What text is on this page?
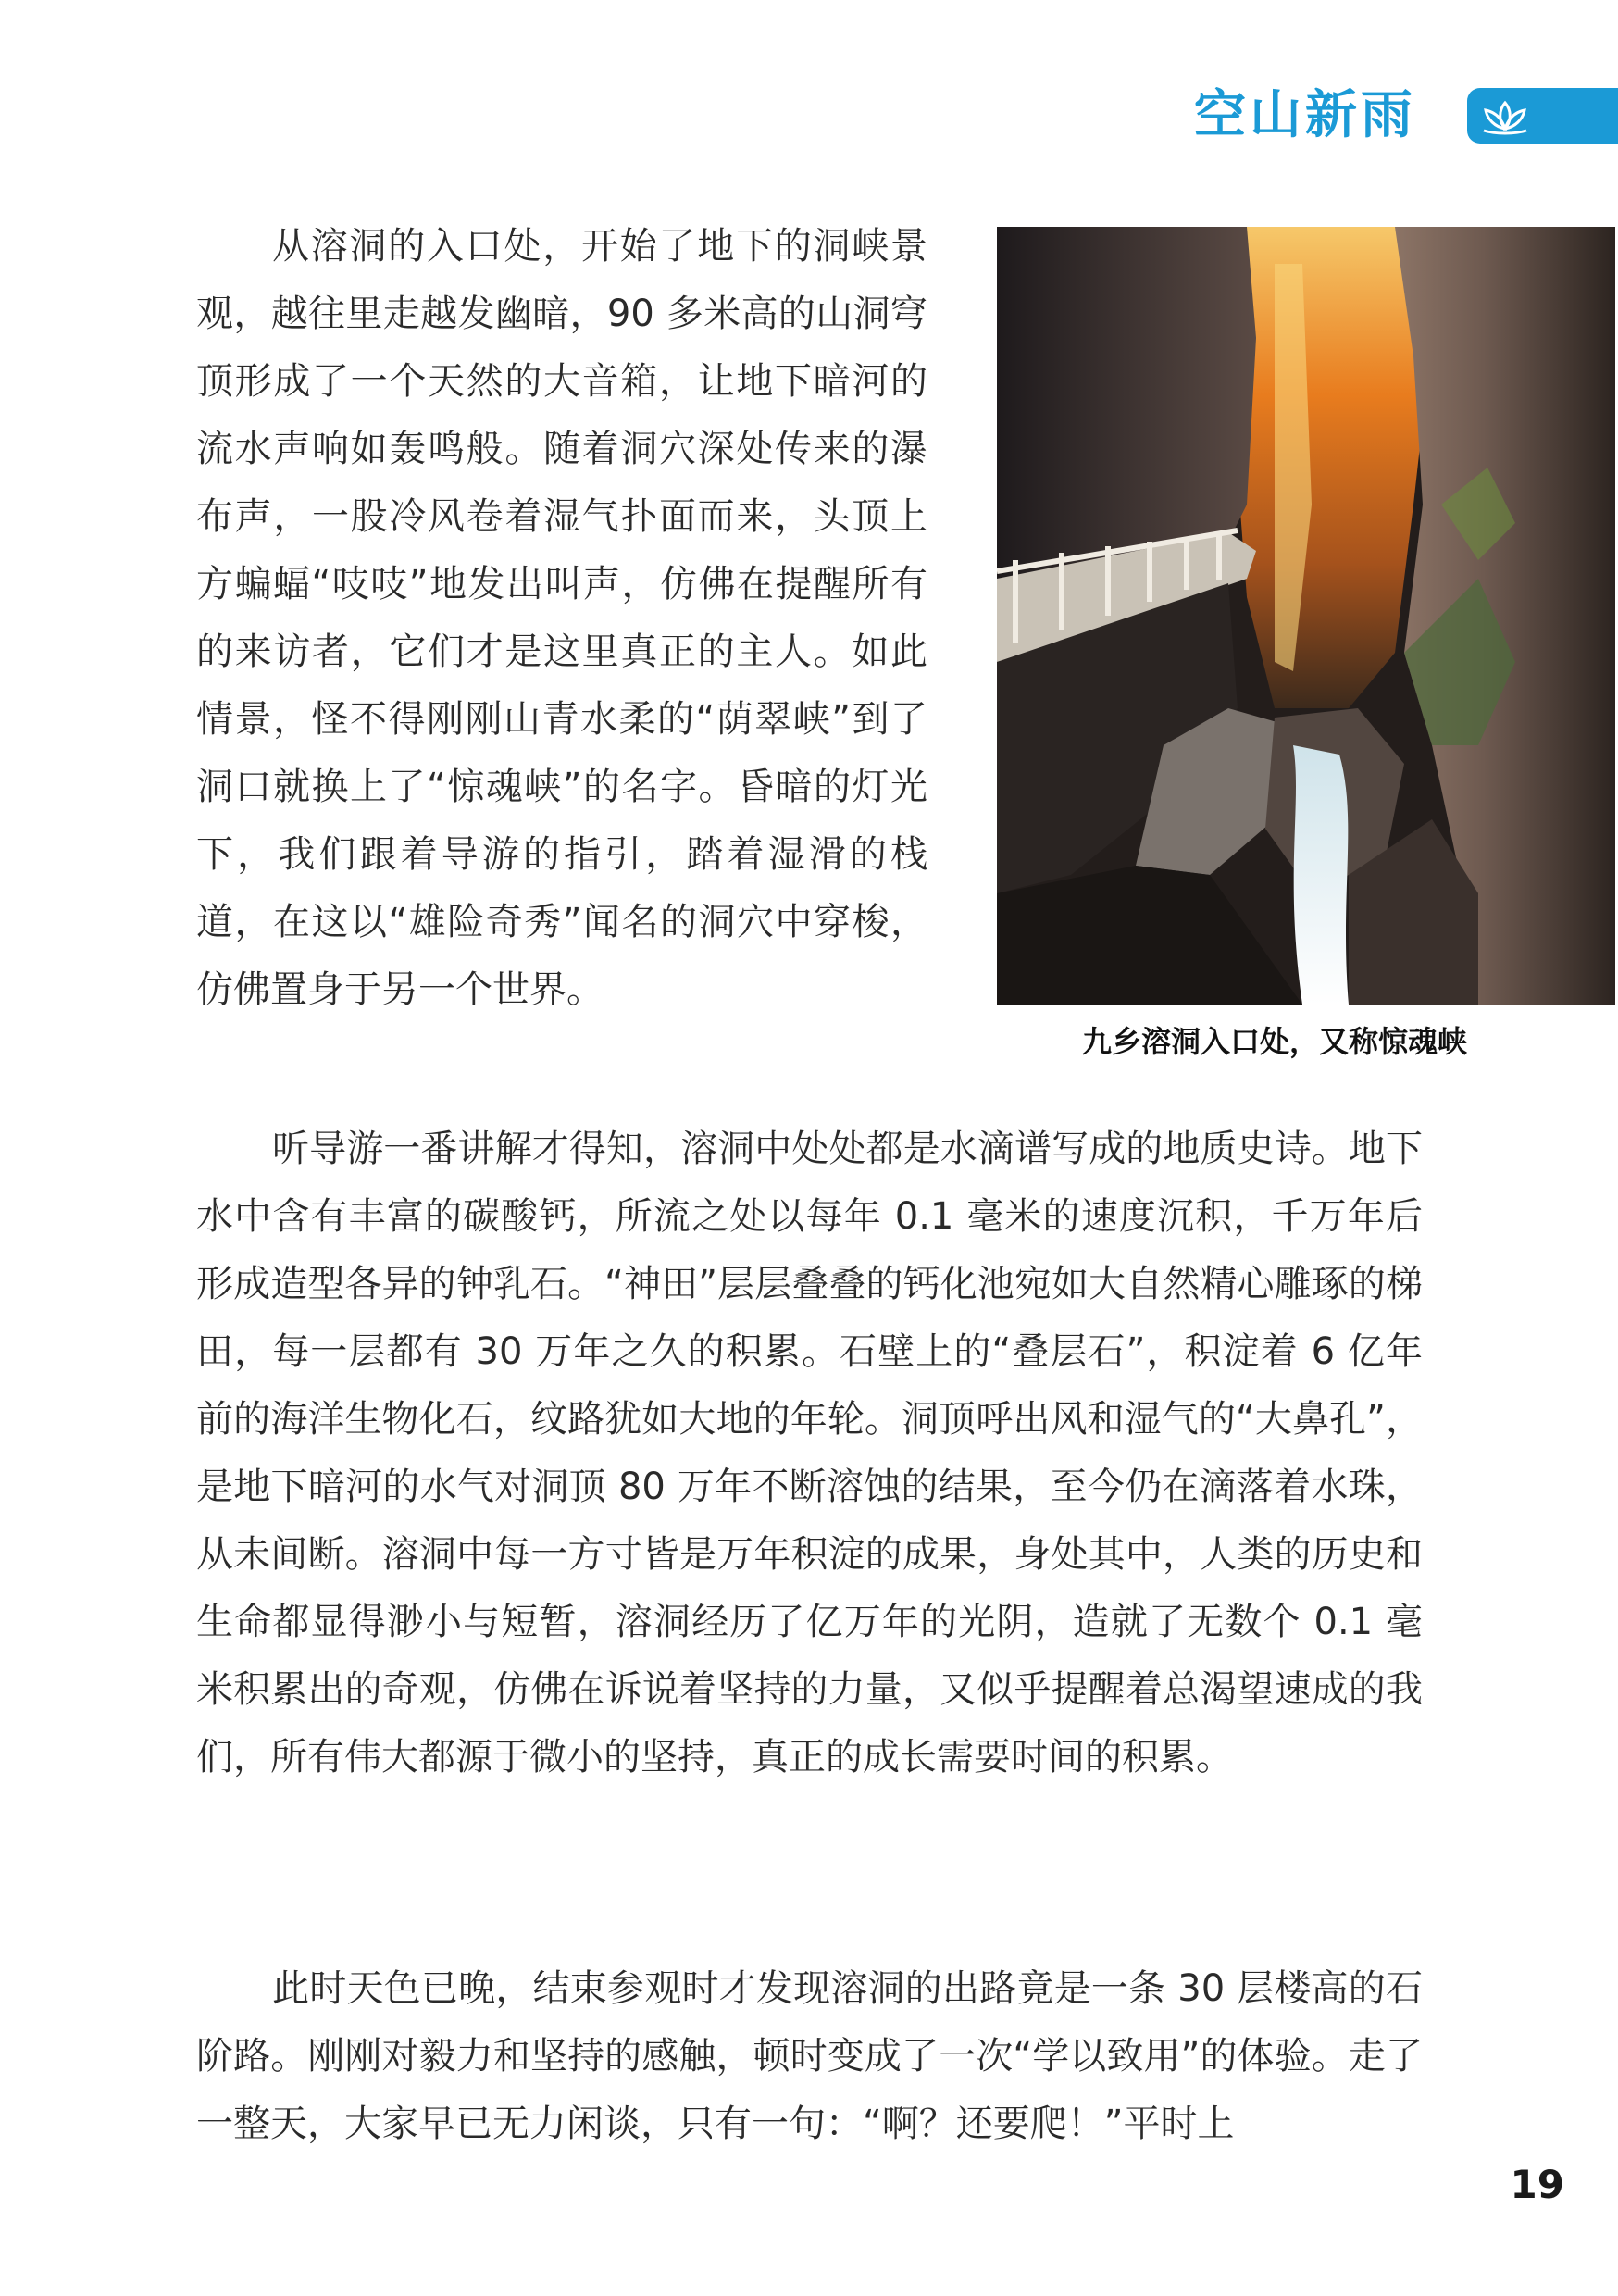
空山新雨

从溶洞的入口处，开始了地下的洞峡景观，越往里走越发幽暗，90 多米高的山洞穹顶形成了一个天然的大音箱，让地下暗河的流水声响如轰鸣般。随着洞穴深处传来的瀑布声，一股冷风卷着湿气扑面而来，头顶上方蝙蝠“吱吱”地发出叫声，仿佛在提醒所有的来访者，它们才是这里真正的主人。如此情景，怪不得刚刚山青水柔的“荫翠峡”到了洞口就换上了“惊魂峡”的名字。昏暗的灯光下，我们跟着导游的指引，踏着湿滑的栈道，在这以“雄险奇秀”闻名的洞穴中穿梭，仿佛置身于另一个世界。

九乡溶洞入口处，又称惊魂峡

听导游一番讲解才得知，溶洞中处处都是水滴谱写成的地质史诗。地下水中含有丰富的碳酸钙，所流之处以每年 0.1 毫米的速度沉积，千万年后形成造型各异的钟乳石。“神田”层层叠叠的钙化池宛如大自然精心雕琢的梯田，每一层都有 30 万年之久的积累。石壁上的“叠层石”，积淀着 6 亿年前的海洋生物化石，纹路犹如大地的年轮。洞顶呼出风和湿气的“大鼻孔”，是地下暗河的水气对洞顶 80 万年不断溶蚀的结果，至今仍在滴落着水珠，从未间断。溶洞中每一方寸皆是万年积淀的成果，身处其中，人类的历史和生命都显得渺小与短暂，溶洞经历了亿万年的光阴，造就了无数个 0.1 毫米积累出的奇观，仿佛在诉说着坚持的力量，又似乎提醒着总渴望速成的我们，所有伟大都源于微小的坚持，真正的成长需要时间的积累。

此时天色已晚，结束参观时才发现溶洞的出路竟是一条 30 层楼高的石阶路。刚刚对毅力和坚持的感触，顿时变成了一次“学以致用”的体验。走了一整天，大家早已无力闲谈，只有一句：“啊？还要爬！”平时上

19
